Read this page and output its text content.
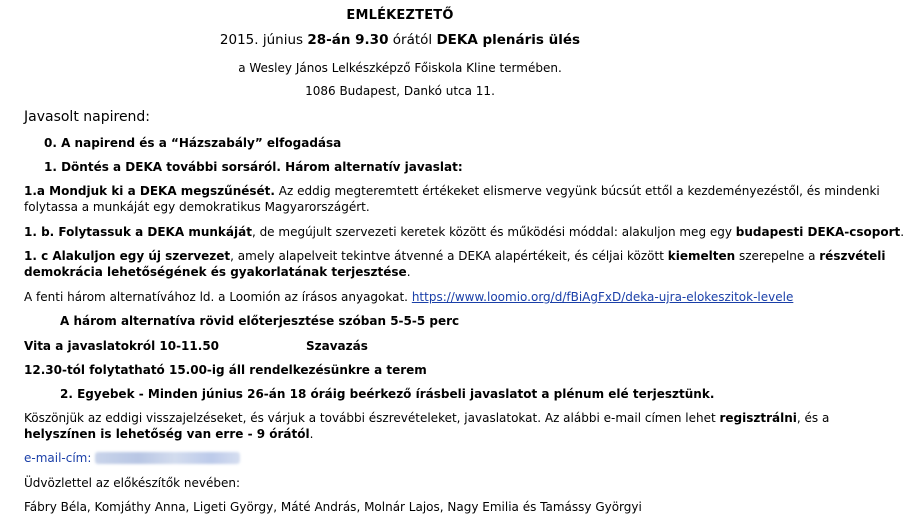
EMLÉKEZTETŐ
2015. június 28-án 9.30 órától DEKA plenáris ülés
a Wesley János Lelkészképző Főiskola Kline termében.
1086 Budapest, Dankó utca 11.
Javasolt napirend:
0. A napirend és a “Házszabály” elfogadása
1. Döntés a DEKA további sorsáról. Három alternatív javaslat:
1.a Mondjuk ki a DEKA megszűnését. Az eddig megteremtett értékeket elismerve vegyünk búcsút ettől a kezdeményezéstől, és mindenki
folytassa a munkáját egy demokratikus Magyarországért.
1. b. Folytassuk a DEKA munkáját, de megújult szervezeti keretek között és működési móddal: alakuljon meg egy budapesti DEKA-csoport.
1. c Alakuljon egy új szervezet, amely alapelveit tekintve átvenné a DEKA alapértékeit, és céljai között kiemelten szerepelne a részvételi
demokrácia lehetőségének és gyakorlatának terjesztése.
A fenti három alternatívához ld. a Loomión az írásos anyagokat. https://www.loomio.org/d/fBiAgFxD/deka-ujra-elokeszitok-levele
A három alternatíva rövid előterjesztése szóban 5-5-5 perc
Vita a javaslatokról 10-11.50	Szavazás
12.30-tól folytatható 15.00-ig áll rendelkezésünkre a terem
2. Egyebek - Minden június 26-án 18 óráig beérkező írásbeli javaslatot a plénum elé terjesztünk.
Köszönjük az eddigi visszajelzéseket, és várjuk a további észrevételeket, javaslatokat. Az alábbi e-mail címen lehet regisztrálni, és a
helyszínen is lehetőség van erre - 9 órától.
e-mail-cím:
Üdvözlettel az előkészítők nevében:
Fábry Béla, Komjáthy Anna, Ligeti György, Máté András, Molnár Lajos, Nagy Emilia és Tamássy Györgyi
